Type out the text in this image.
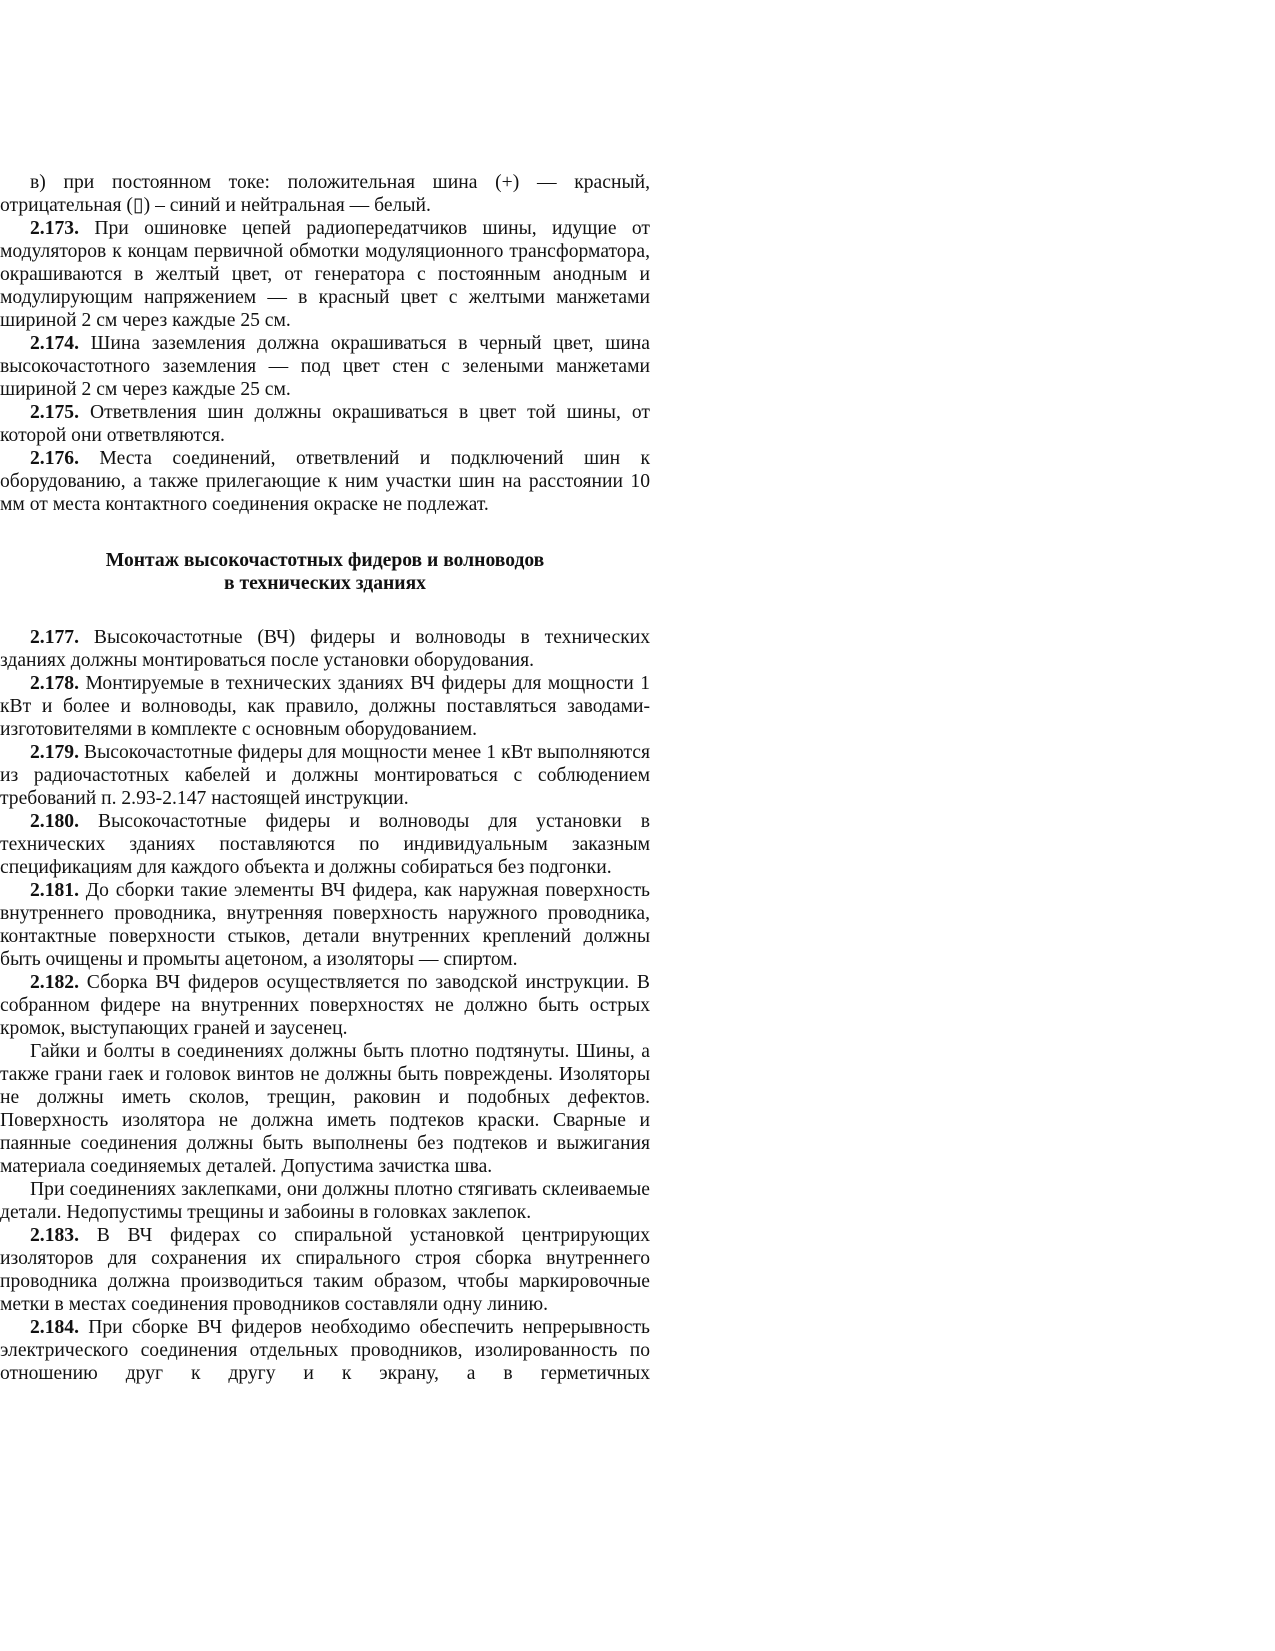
в) при постоянном токе: положительная шина (+) — красный, отрицательная (▯) – синий и нейтральная — белый.

2.173. При ошиновке цепей радиопередатчиков шины, идущие от модуляторов к концам первичной обмотки модуляционного трансформатора, окрашиваются в желтый цвет, от генератора с постоянным анодным и модулирующим напряжением — в красный цвет с желтыми манжетами шириной 2 см через каждые 25 см.

2.174. Шина заземления должна окрашиваться в черный цвет, шина высокочастотного заземления — под цвет стен с зелеными манжетами шириной 2 см через каждые 25 см.

2.175. Ответвления шин должны окрашиваться в цвет той шины, от которой они ответвляются.

2.176. Места соединений, ответвлений и подключений шин к оборудованию, а также прилегающие к ним участки шин на расстоянии 10 мм от места контактного соединения окраске не подлежат.

Монтаж высокочастотных фидеров и волноводов

в технических зданиях

2.177. Высокочастотные (ВЧ) фидеры и волноводы в технических зданиях должны монтироваться после установки оборудования.

2.178. Монтируемые в технических зданиях ВЧ фидеры для мощности 1 кВт и более и волноводы, как правило, должны поставляться заводами-изготовителями в комплекте с основным оборудованием.

2.179. Высокочастотные фидеры для мощности менее 1 кВт выполняются из радиочастотных кабелей и должны монтироваться с соблюдением требований п. 2.93-2.147 настоящей инструкции.

2.180. Высокочастотные фидеры и волноводы для установки в технических зданиях поставляются по индивидуальным заказным спецификациям для каждого объекта и должны собираться без подгонки.

2.181. До сборки такие элементы ВЧ фидера, как наружная поверхность внутреннего проводника, внутренняя поверхность наружного проводника, контактные поверхности стыков, детали внутренних креплений должны быть очищены и промыты ацетоном, а изоляторы — спиртом.

2.182. Сборка ВЧ фидеров осуществляется по заводской инструкции. В собранном фидере на внутренних поверхностях не должно быть острых кромок, выступающих граней и заусенец.

Гайки и болты в соединениях должны быть плотно подтянуты. Шины, а также грани гаек и головок винтов не должны быть повреждены. Изоляторы не должны иметь сколов, трещин, раковин и подобных дефектов. Поверхность изолятора не должна иметь подтеков краски. Сварные и паянные соединения должны быть выполнены без подтеков и выжигания материала соединяемых деталей. Допустима зачистка шва.

При соединениях заклепками, они должны плотно стягивать склеиваемые детали. Недопустимы трещины и забоины в головках заклепок.

2.183. В ВЧ фидерах со спиральной установкой центрирующих изоляторов для сохранения их спирального строя сборка внутреннего проводника должна производиться таким образом, чтобы маркировочные метки в местах соединения проводников составляли одну линию.

2.184. При сборке ВЧ фидеров необходимо обеспечить непрерывность электрического соединения отдельных проводников, изолированность по отношению друг к другу и к экрану, а в герметичных
